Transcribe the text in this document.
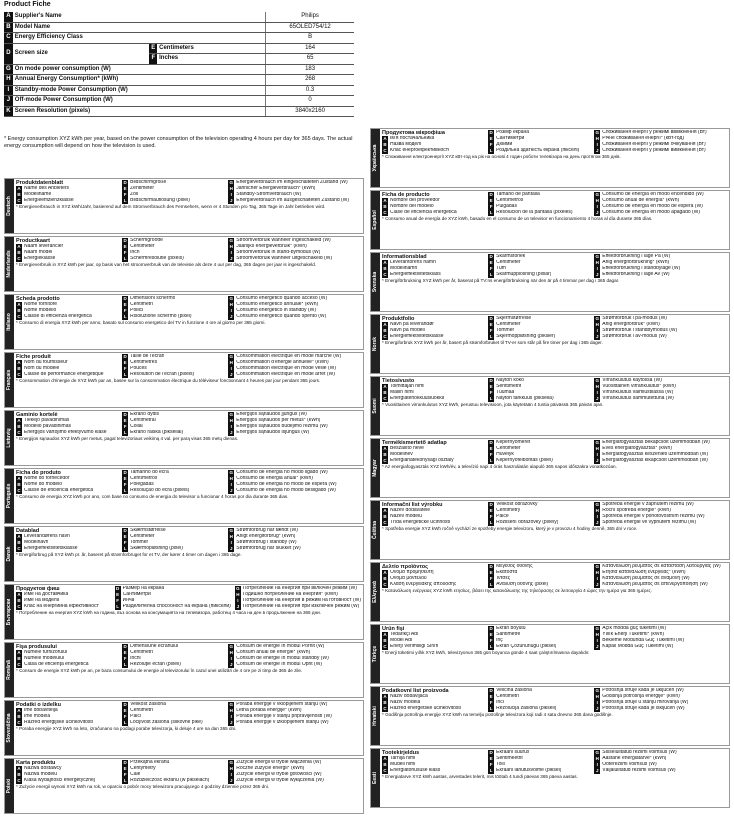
Product Fiche
A	Supplier's Name			Philips
B	Model Name			65OLED754/12
C	Energy Efficiency Class			B
D	Screen size	E	Centimeters	164
		F	Inches	65
G	On mode power consumption (W)			183
H	Annual Energy Consumption* (kWh)			268
I	Standby-mode Power Consumption (W)			0.3
J	Off-mode Power Consumption (W)			0
K	Screen Resolution (pixels)			3840x2160
* Energy consumption XYZ kWh per year, based on the power consumption of the television operating 4 hours per day for 365 days. The actual energy consumption will depend on how the television is used.
Deutsch
Produktdatenblatt
A Name des Anbieters
B Modellname
C Energieeffizienzklasse
D Bildschirmgröße
E Zentimeter
F Zoll
L Bildschirmauflösung (pixel)
G Energieverbrauch im eingeschalteten Zustand (W)
H Jährlicher Energieverbrauch* (kWh)
I Standby-Stromverbrauch (W)
J Energieverbrauch im ausgeschalteten Zustand (W)
* Energieverbrauch in XYZ kWh/Jahr, basierend auf dem Stromverbrauch des Fernsehers, wenn er 4 Stunden pro Tag, 365 Tage im Jahr betrieben wird.
Nederlands
Productkaart
A Naam leverancier
B Naam model
C Energieklasse
D Schermgrootte
E Centimeter
F Inch
L Schermresolutie (pixels)
G Stroomverbruik wanneer ingeschakeld (W)
H Jaarlijks energieverbruik* (kWh)
I Stroomverbruik in stand-bymodus (W)
J Stroomverbruik wanneer uitgeschakeld (W)
* Energieverbruik in XYZ kWh per jaar, op basis van het stroomverbruik van de televisie als deze 4 uur per dag, 365 dagen per jaar is ingeschakeld.
Italiano
Scheda prodotto
A Nome fornitore
B Nome modello
C Classe di efficienza energetica
D Dimensioni schermo
E Centimetri
F Pollici
L Risoluzione schermo (pixel)
G Consumo energetico quando acceso (W)
H Consumo energetico annuale* (kWh)
I Consumo energetico in standby (W)
J Consumo energetico quando spento (W)
* Consumo di energia XYZ kWh per anno, basato sul consumo energetico del TV in funzione 4 ore al giorno per 365 giorni.
Français
Fiche produit
A Nom du fournisseur
B Nom du modèle
C Classe de performance énergétique
D Taille de l'écran
E Centimètres
F Pouces
L Résolution de l'écran (pixels)
G Consommation électrique en mode marche (W)
H Consommation d'énergie annuelle* (kWh)
I Consommation électrique en mode veille (W)
J Consommation électrique en mode arrêt (W)
* Consommation d'énergie de XYZ kWh par an, basée sur la consommation électrique du téléviseur fonctionnant 4 heures par jour pendant 365 jours.
Lietuvių
Gaminio kortelė
A Tiekėjo pavadinimas
B Modelio pavadinimas
C Energijos vartojimo efektyvumo klasė
D Ekrano dydis
E Centimetrai
F Coliai
L Ekrano raiška (pikseliai)
G Energijos sąnaudos įjungus (W)
H Energijos sąnaudos per metus* (kWh)
I Energijos sąnaudos budėjimo režimu (W)
J Energijos sąnaudos išjungus (W)
* Energijos sąnaudos XYZ kWh per metus, pagal televizoriaus veikimą 4 val. per parą visas 365 metų dienas.
Português
Ficha do produto
A Nome do fornecedor
B Nome do modelo
C Classe de eficiência energética
D Tamanho do ecrã
E Centímetros
F Polegadas
L Resolução do ecrã (pixels)
G Consumo de energia no modo ligado (W)
H Consumo de energia anual* (kWh)
I Consumo de energia no modo de espera (W)
J Consumo de energia no modo desligado (W)
* Consumo de energia XYZ kWh por ano, com base no consumo de energia do televisor a funcionar 4 horas por dia durante 365 dias.
Dansk
Datablad
A Leverandørens navn
B Modelnavn
C Energieffektivitetsklasse
D Skærmstørrelse
E Centimeter
F Tommer
L Skærmopløsning (pixel)
G Strømforbrug når tændt (W)
H Årligt energiforbrug* (kWh)
I Strømforbrug i standby (W)
J Strømforbrug når slukket (W)
* Energiforbrug på XYZ kWh pr. år, baseret på strømforbruget for et TV, der kører 4 timer om dagen i 365 dage.
Български
Продуктов фиш
A Име на доставчика
B Име на модела
C Клас на енергийна ефективност
D Размер на екрана
E Сантиметри
F Инча
L Разделителна способност на екрана (пиксели)
G Потребление на енергия при включен режим (W)
H Годишно потребление на енергия* (kWh)
I Потребление на енергия в режим на готовност (W)
J Потребление на енергия при изключен режим (W)
* Потребление на енергия XYZ kWh на година, въз основа на консумацията на телевизора, работещ 4 часа на ден в продължение на 365 дни.
Română
Fişa produsului
A Numele furnizorului
B Numele modelului
C Clasă de eficienţă energetică
D Dimensiune ecranului
E Centimetri
F Inchi
L Rezoluţie ecran (pixeli)
G Consum de energie în modul Pornit (W)
H Consum anual de energie* (kWh)
I Consum de energie în modul standby (W)
J Consum de energie în modul Oprit (W)
* Consum de energie XYZ kWh pe an, pe baza consumului de energie al televizorului în cazul unei utilizări de 4 ore pe zi timp de 365 de zile.
Slovenščina
Podatki o izdelku
A Ime dobavitelja
B Ime modela
C Razred energijske učinkovitosti
D Velikost zaslona
E Centimetri
F Palci
L Ločljivost zaslona (slikovne pike)
G Poraba energije v vklopljenem stanju (W)
H Letna poraba energije* (kWh)
I Poraba energije v stanju pripravljenosti (W)
J Poraba energije v izklopljenem stanju (W)
* Poraba energije XYZ kWh na leto, izračunano na podlagi porabe televizorja, ki deluje 4 ure na dan 365 dni.
Polski
Karta produktu
A Nazwa dostawcy
B Nazwa modelu
C Klasa wydajności energetycznej
D Przekątna ekranu
E Centymetry
F Cale
L Rozdzielczość ekranu (w pikselach)
G Zużycie energii w trybie włączenia (W)
H Roczne zużycie energii* (kWh)
I Zużycie energii w trybie gotowości (W)
J Zużycie energii w trybie wyłączenia (W)
* Zużycie energii wynosi XYZ kWh na rok, w oparciu o pobór mocy telewizora pracującego 4 godziny dziennie przez 365 dni.
Українська
Продуктова мікрофіша
A Ім'я постачальника
B Назва моделі
C Клас енергоефективності
D Розмір екрана
E Сантиметри
F Дюйми
L Роздільна здатність екрана (пікселі)
G Споживання енергії у режимі ввімкнення (Вт)
H Річне споживання енергії* (кВт-год)
I Споживання енергії у режимі очікування (Вт)
J Споживання енергії у режимі вимкнення (Вт)
* Споживання електроенергії XYZ кВт-год на рік на основі 4 годин роботи телевізора на день протягом 365 днів.
Español
Ficha de producto
A Nombre del proveedor
B Nombre del modelo
C Clase de eficiencia energética
D Tamaño de pantalla
E Centímetros
F Pulgadas
L Resolución de la pantalla (píxeles)
G Consumo de energía en modo encendido (W)
H Consumo anual de energía* (kWh)
I Consumo de energía en modo de espera (W)
J Consumo de energía en modo apagado (W)
* Consumo anual de energía de XYZ kWh, basado en el consumo de un televisor en funcionamiento 4 horas al día durante 365 días.
Svenska
Informationsblad
A Leverantörens namn
B Modellnamn
C Energieffektivitetsklass
D Skärmstorlek
E Centimeter
F Tum
L Skärmupplösning (pixlar)
G Effektförbrukning i läge På (W)
H Årlig energiförbrukning* (kWh)
I Effektförbrukning i standbyläge (W)
J Effektförbrukning i läge Av (W)
* Energiförbrukning XYZ kWh per år, baserat på TV:ns energiförbrukning när den är på 4 timmar per dag i 365 dagar.
Norsk
Produktfolio
A Navn på leverandør
B Navn på modell
C Energieffektivitetsklasse
D Skjermstørrelse
E Centimeter
F Tommer
L Skjermoppløsning (piksler)
G Strømforbruk i på-modus (W)
H Årlig energiforbruk* (kWh)
I Strømforbruk i standbymodus (W)
J Strømforbruk i av-modus (W)
* Energiforbruk XYZ kWh per år, basert på strømforbruket til TV-er som står på fire timer per dag i 365 dager.
Suomi
Tietosivusto
A Toimittajan nimi
B Mallin nimi
C Energiatehokkuusluokka
D Näytön koko
E Senttimetrit
F Tuumaa
L Näytön tarkkuus (pikseliä)
G Virrankulutus käytössä (W)
H Vuosittainen virrankulutus* (kWh)
I Virrankulutus valmiustilassa (W)
J Virrankulutus sammutettuna (W)
* Vuosittainen virrankulutus XYZ kWh, perustuu televisioon, jota käytetään 4 tuntia päivässä 365 päivän ajan.
Magyar
Termékismertető adatlap
A Beszállító neve
B Modellnév
C Energiahatékonysági osztály
D Képernyőméret
E Centiméter
F Hüvelyk
L Képernyőfelbontás (pixel)
G Energiafogyasztás bekapcsolt üzemmódban (W)
H Éves energiafogyasztás* (kWh)
I Energiafogyasztás készenléti üzemmódban (W)
J Energiafogyasztás kikapcsolt üzemmódban (W)
* Az energiafogyasztás XYZ kWh/év, a televízió napi 4 órás használatán alapuló 365 napos időszakra vonatkozóan.
Čeština
Informační list výrobku
A Název dodavatele
B Název modelu
C Třída energetické účinnosti
D Velikost obrazovky
E Centimetry
F Palce
L Rozlišení obrazovky (pixely)
G Spotřeba energie v zapnutém režimu (W)
H Roční spotřeba energie* (kWh)
I Spotřeba energie v pohotovostním režimu (W)
J Spotřeba energie ve vypnutém režimu (W)
* Spotřeba energie XYZ kWh ročně vychází ze spotřeby energie televizoru, který je v provozu 4 hodiny denně, 365 dní v roce.
Ελληνικά
Δελτίο προϊόντος
A Όνομα προμηθευτή
B Όνομα μοντέλου
C Κλάση ενεργειακής απόδοσης
D Μέγεθος οθόνης
E Εκατοστά
F Ίντσες
L Ανάλυση οθόνης (pixel)
G Κατανάλωση ρεύματος σε κατάσταση λειτουργίας (W)
H Ετήσια κατανάλωση ενέργειας* (kWh)
I Κατανάλωση ρεύματος σε αναμονή (W)
J Κατανάλωση ρεύματος σε απενεργοποίηση (W)
* Κατανάλωση ενέργειας XYZ kWh ετησίως, βάσει της κατανάλωσης της τηλεόρασης σε λειτουργία 4 ώρες την ημέρα για 365 ημέρες.
Türkçe
Ürün fişi
A Tedarikçi Adı
B Model Adı
C Enerji Verimliliği Sınıfı
D Ekran boyutu
E Santimetre
F İnç
L Ekran Çözünürlüğü (piksel)
G Açık modda güç tüketimi (W)
H Yıllık Enerji Tüketimi* (kWh)
I Bekleme Modunda Güç Tüketimi (W)
J Kapalı Modda Güç Tüketimi (W)
* Enerji tüketimi yıllık XYZ kWh, televizyonun 365 gün boyunca günde 4 saat çalıştırılmasına dayalıdır.
Hrvatski
Podatkovni list proizvoda
A Naziv dobavljača
B Naziv modela
C Razred energetske učinkovitosti
D Veličina zaslona
E Centimetri
F Inči
L Rezolucija zaslona (pikseli)
G Potrošnja struje kada je uključen (W)
H Godišnja potrošnja energije* (kWh)
I Potrošnja struje u stanju mirovanja (W)
J Potrošnja struje kada je isključen (W)
* Godišnja potrošnja energije XYZ kWh na temelju potrošnje televizora koji radi 4 sata dnevno 365 dana godišnje.
Eesti
Tootekirjeldus
A Tarnija nimi
B Mudeli nimi
C Energiatõhususe klass
D Ekraani suurus
E Sentimeetrit
F Tolli
L Ekraani lahutusvõime (piksel)
G Sisselülitatud režiimi võimsus (W)
H Aastane energiatarve* (kWh)
I Ooterežiimi võimsus (W)
J Väljalülitatud režiimi võimsus (W)
* Energiatarve XYZ kWh aastas, arvestades telerit, mis töötab 4 tundi päevas 365 päeva aastas.
